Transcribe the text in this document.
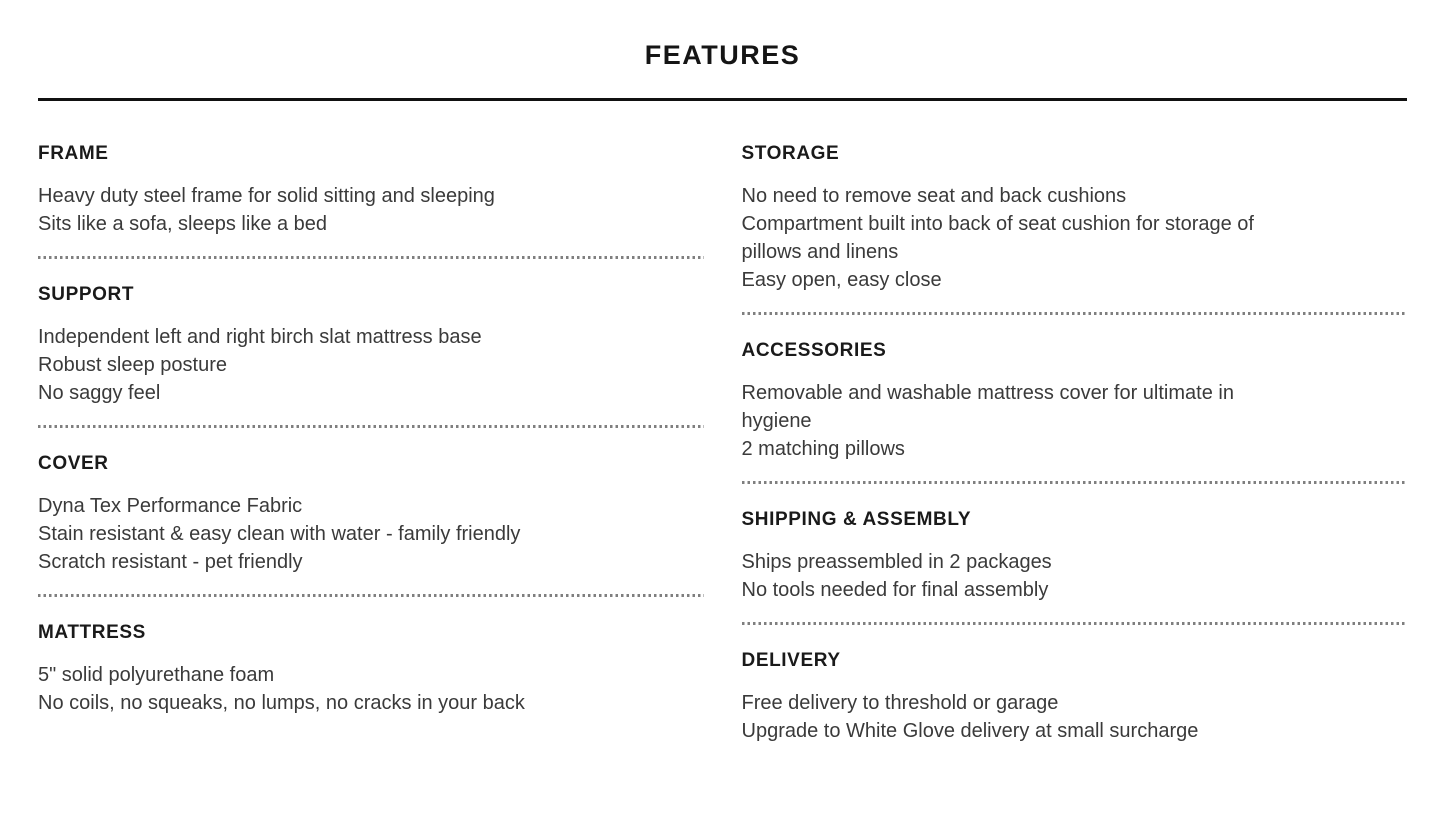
FEATURES
FRAME
Heavy duty steel frame for solid sitting and sleeping
Sits like a sofa, sleeps like a bed
SUPPORT
Independent left and right birch slat mattress base
Robust sleep posture
No saggy feel
COVER
Dyna Tex Performance Fabric
Stain resistant & easy clean with water - family friendly
Scratch resistant - pet friendly
MATTRESS
5" solid polyurethane foam
No coils, no squeaks, no lumps, no cracks in your back
STORAGE
No need to remove seat and back cushions
Compartment built into back of seat cushion for storage of
pillows and linens
Easy open, easy close
ACCESSORIES
Removable and washable mattress cover for ultimate in
hygiene
2 matching pillows
SHIPPING & ASSEMBLY
Ships preassembled in 2 packages
No tools needed for final assembly
DELIVERY
Free delivery to threshold or garage
Upgrade to White Glove delivery at small surcharge
